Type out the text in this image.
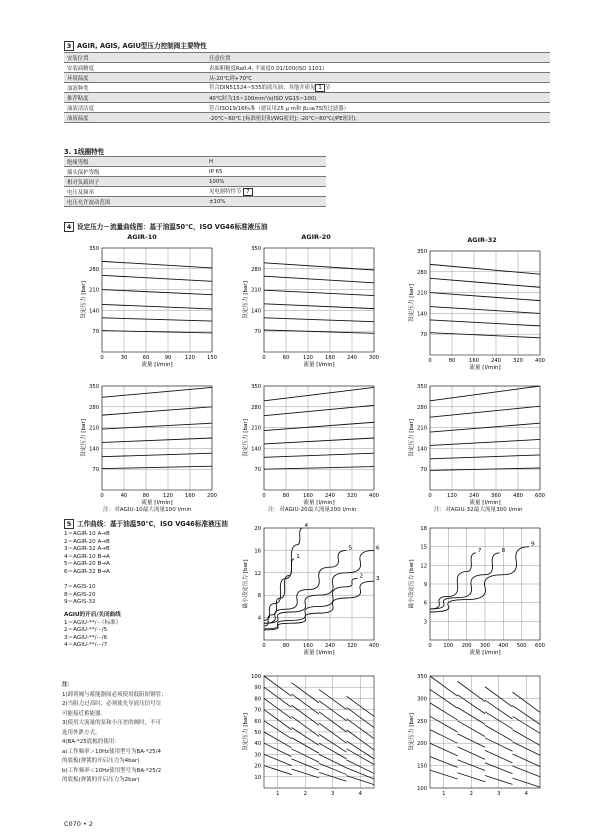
3 AGIR, AGIS, AGIU型压力控制阀主要特性
安装位置	任意位置
安装面精度	表面粗糙度Ra0.4, 平面度0.01/100(ISO 1101)
环境温度	从-20℃到+70℃
油液种类	符合DIN51524~535的液压油；其他介质见 1 节
推荐粘度	40℃时为15~100mm²/s(ISO VG15~100)
油液清洁度	符合ISO19/16标准（建议用25 μ m和 β₂₅≥75的过滤器）
油液温度	-20℃~60℃ [标准密封和/WG密封]; -20℃~80℃(/PE密封)。
3. 1线圈特性
绝缘等级	H
插头保护等级	IP 65
相对负载因子	100%
电压及频率	见电器特性节 7
电压允许波动范围	±10%
4 设定压力－流量曲线图：基于油温50℃，ISO VG46标准液压油
AGIR-10	AGIR-20	AGIR-32
0	30	60	90	120 150
70
140
210
280
350
流量 [l/min]
设定压力 [bar]
0	60	120 180 240 300
70
140
210
280
350
流量 [l/min]
设定压力 [bar]
0	80	160 240 320 400
70
140
210
280
350
流量 [l/min]
设定压力 [bar]
0	40	80	120 160 200
70
140
210
280
350
流量 [l/min]
设定压力 [bar]
0	80	160 240 320 400
70
140
210
280
350
流量 [l/min]
设定压力 [bar]
0	120 240 360 480 600
70
140
210
280
350
流量 [l/min]
设定压力 [bar]
注：对AGIU-10最大流量100 l/min	注：对AGIU-20最大流量200 l/min	注：对AGIU-32最大流量300 l/min
5 工作曲线：基于油温50℃，ISO VG46标准液压油
1＝AGIR-10 A→B
2＝AGIR-20 A→B
3＝AGIR-32 A→B
4＝AGIR-10 B→A
5＝AGIR-20 B→A
6＝AGIR-32 B→A
7＝AGIS-10
8＝AGIS-20
9＝AGIS-32
AGIU的开启/关闭曲线
1＝AGIU-**/···（标准）
2＝AGIU-**/···/5
3＝AGIU-**/···/6
4＝AGIU-**/···/7	0	80	160 240 320 400
4
8
12
16
20
流量 [l/min]
最小设定压力 [bar]
1
2 3
4
5	6
0 100 200 300 400 500 600
3
6
9
12
15
18
流量 [l/min]
最小设定压力 [bar]
7	8
9
1	2	3	4
10
20
30
40
50
60
70
80
90
100
设定压力 [bar]
1	2	3	4
100
150
200
250
300
350
设定压力 [bar]
注：
1)卸荷阀与蓄能器间必须使用低阻短钢管；
2)当阻力过高时，必须使先导液压信号尽
可能接近蓄能器。
3)使用大流量的泵和小压差的阀时，不可
选用外泄方式。
4)BA-*25底板的使用：
a)工作频率＞10Hz使用型号为BA-*25/4
的底板(弹簧的开启压力为4bar)
b)工作频率＜10Hz使用型号为BA-*25/2
的底板(弹簧的开启压力为2bar)
C070 • 2
